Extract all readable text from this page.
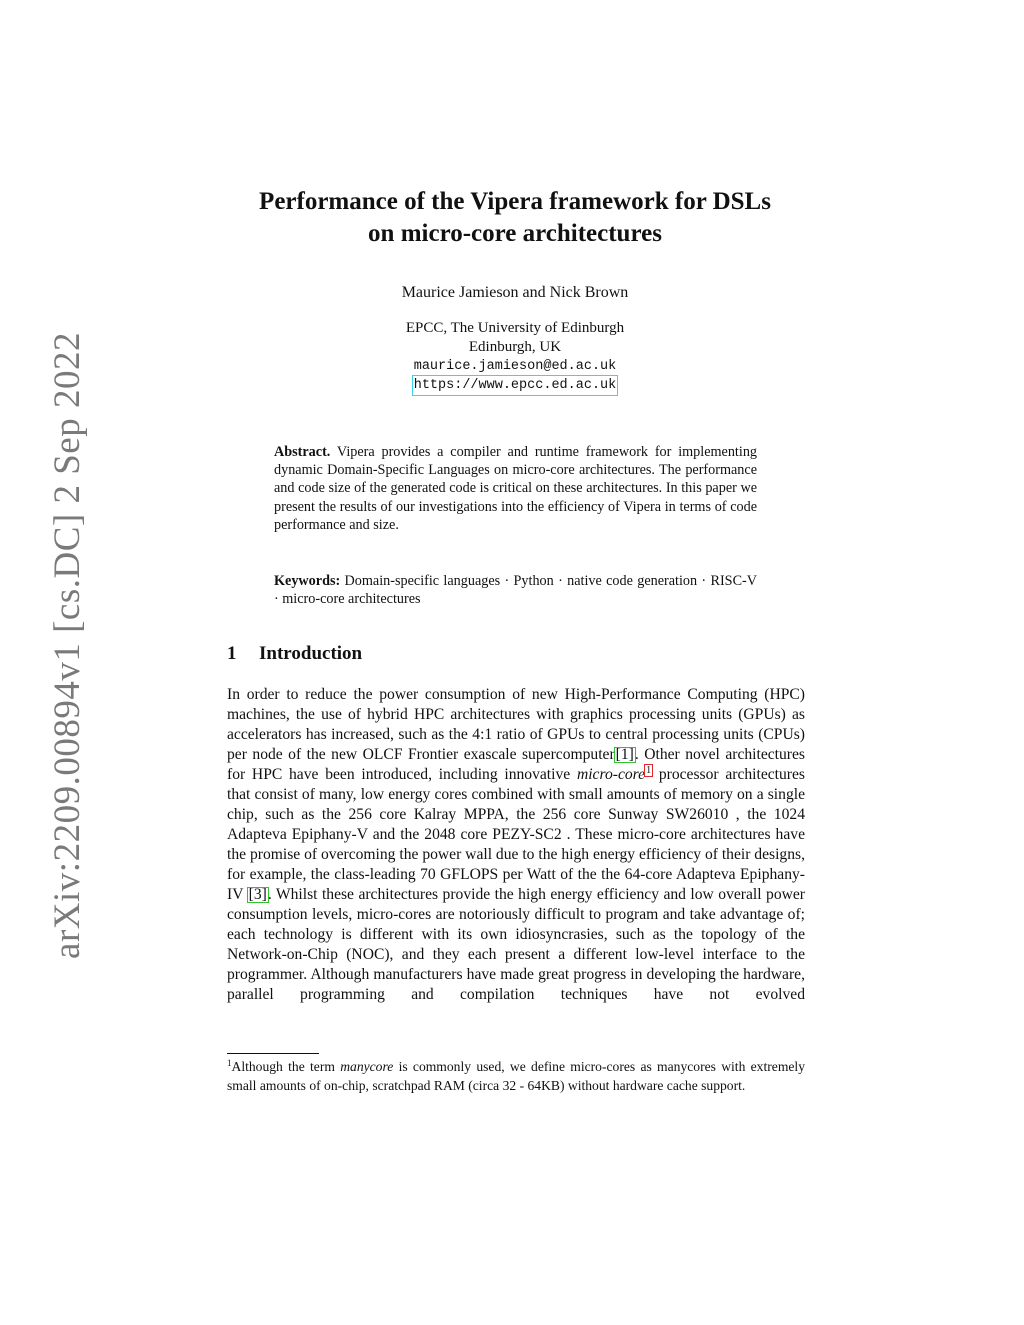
arXiv:2209.00894v1 [cs.DC] 2 Sep 2022
Performance of the Vipera framework for DSLs
on micro-core architectures
Maurice Jamieson and Nick Brown
EPCC, The University of Edinburgh
Edinburgh, UK
maurice.jamieson@ed.ac.uk
https://www.epcc.ed.ac.uk
Abstract. Vipera provides a compiler and runtime framework for implementing dynamic Domain-Specific Languages on micro-core architectures. The performance and code size of the generated code is critical on these architectures. In this paper we present the results of our investigations into the efficiency of Vipera in terms of code performance and size.
Keywords: Domain-specific languages · Python · native code generation · RISC-V · micro-core architectures
1 Introduction
In order to reduce the power consumption of new High-Performance Computing (HPC) machines, the use of hybrid HPC architectures with graphics processing units (GPUs) as accelerators has increased, such as the 4:1 ratio of GPUs to central processing units (CPUs) per node of the new OLCF Frontier exascale supercomputer[1]. Other novel architectures for HPC have been introduced, including innovative micro-core1 processor architectures that consist of many, low energy cores combined with small amounts of memory on a single chip, such as the 256 core Kalray MPPA, the 256 core Sunway SW26010 , the 1024 Adapteva Epiphany-V and the 2048 core PEZY-SC2 . These micro-core architectures have the promise of overcoming the power wall due to the high energy efficiency of their designs, for example, the class-leading 70 GFLOPS per Watt of the the 64-core Adapteva Epiphany-IV [3]. Whilst these architectures provide the high energy efficiency and low overall power consumption levels, micro-cores are notoriously difficult to program and take advantage of; each technology is different with its own idiosyncrasies, such as the topology of the Network-on-Chip (NOC), and they each present a different low-level interface to the programmer. Although manufacturers have made great progress in developing the hardware, parallel programming and compilation techniques have not evolved
$^1$Although the term manycore is commonly used, we define micro-cores as manycores with extremely small amounts of on-chip, scratchpad RAM (circa 32 - 64KB) without hardware cache support.
